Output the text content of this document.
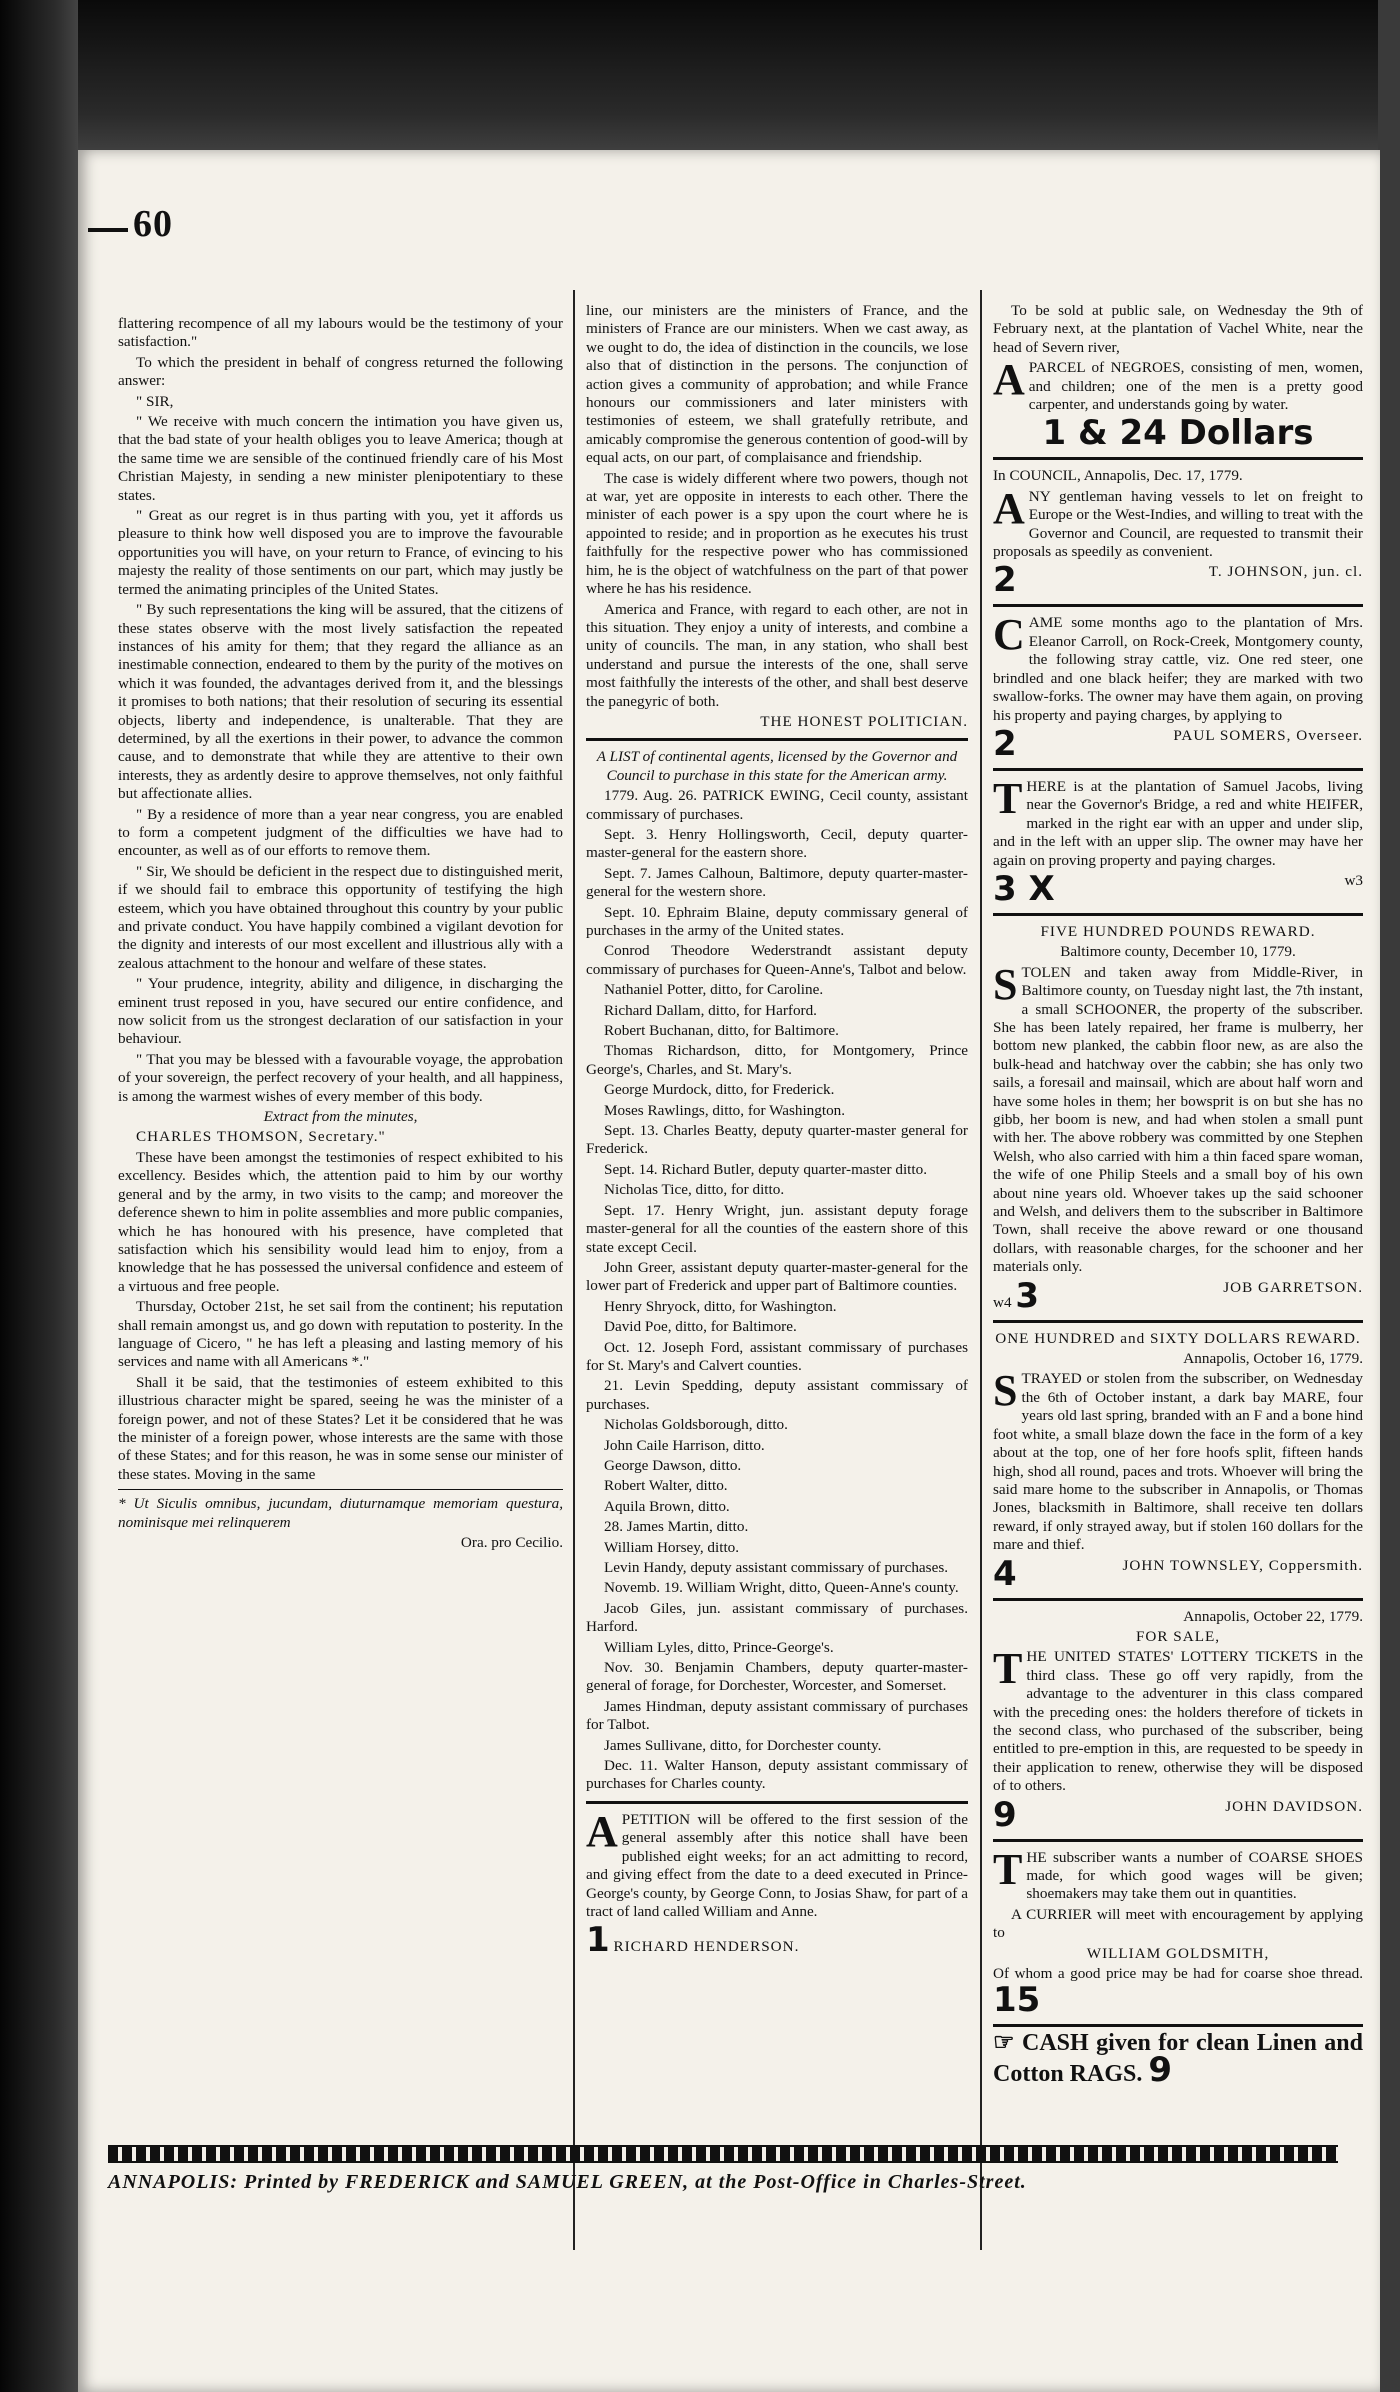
60

flattering recompence of all my labours would be the testimony of your satisfaction."

To which the president in behalf of congress returned the following answer:

" SIR,

" We receive with much concern the intimation you have given us, that the bad state of your health obliges you to leave America; though at the same time we are sensible of the continued friendly care of his Most Christian Majesty, in sending a new minister plenipotentiary to these states.

" Great as our regret is in thus parting with you, yet it affords us pleasure to think how well disposed you are to improve the favourable opportunities you will have, on your return to France, of evincing to his majesty the reality of those sentiments on our part, which may justly be termed the animating principles of the United States.

" By such representations the king will be assured, that the citizens of these states observe with the most lively satisfaction the repeated instances of his amity for them; that they regard the alliance as an inestimable connection, endeared to them by the purity of the motives on which it was founded, the advantages derived from it, and the blessings it promises to both nations; that their resolution of securing its essential objects, liberty and independence, is unalterable. That they are determined, by all the exertions in their power, to advance the common cause, and to demonstrate that while they are attentive to their own interests, they as ardently desire to approve themselves, not only faithful but affectionate allies.

" By a residence of more than a year near congress, you are enabled to form a competent judgment of the difficulties we have had to encounter, as well as of our efforts to remove them.

" Sir, We should be deficient in the respect due to distinguished merit, if we should fail to embrace this opportunity of testifying the high esteem, which you have obtained throughout this country by your public and private conduct. You have happily combined a vigilant devotion for the dignity and interests of our most excellent and illustrious ally with a zealous attachment to the honour and welfare of these states.

" Your prudence, integrity, ability and diligence, in discharging the eminent trust reposed in you, have secured our entire confidence, and now solicit from us the strongest declaration of our satisfaction in your behaviour.

" That you may be blessed with a favourable voyage, the approbation of your sovereign, the perfect recovery of your health, and all happiness, is among the warmest wishes of every member of this body.

Extract from the minutes,

CHARLES THOMSON, Secretary."

These have been amongst the testimonies of respect exhibited to his excellency. Besides which, the attention paid to him by our worthy general and by the army, in two visits to the camp; and moreover the deference shewn to him in polite assemblies and more public companies, which he has honoured with his presence, have completed that satisfaction which his sensibility would lead him to enjoy, from a knowledge that he has possessed the universal confidence and esteem of a virtuous and free people.

Thursday, October 21st, he set sail from the continent; his reputation shall remain amongst us, and go down with reputation to posterity. In the language of Cicero, " he has left a pleasing and lasting memory of his services and name with all Americans *."

Shall it be said, that the testimonies of esteem exhibited to this illustrious character might be spared, seeing he was the minister of a foreign power, and not of these States? Let it be considered that he was the minister of a foreign power, whose interests are the same with those of these States; and for this reason, he was in some sense our minister of these states. Moving in the same

* Ut Siculis omnibus, jucundam, diuturnamque memoriam questura, nominisque mei relinquerem

Ora. pro Cecilio.

line, our ministers are the ministers of France, and the ministers of France are our ministers. When we cast away, as we ought to do, the idea of distinction in the councils, we lose also that of distinction in the persons. The conjunction of action gives a community of approbation; and while France honours our commissioners and later ministers with testimonies of esteem, we shall gratefully retribute, and amicably compromise the generous contention of good-will by equal acts, on our part, of complaisance and friendship.

The case is widely different where two powers, though not at war, yet are opposite in interests to each other. There the minister of each power is a spy upon the court where he is appointed to reside; and in proportion as he executes his trust faithfully for the respective power who has commissioned him, he is the object of watchfulness on the part of that power where he has his residence.

America and France, with regard to each other, are not in this situation. They enjoy a unity of interests, and combine a unity of councils. The man, in any station, who shall best understand and pursue the interests of the one, shall serve most faithfully the interests of the other, and shall best deserve the panegyric of both.

THE HONEST POLITICIAN.

A LIST of continental agents, licensed by the Governor and Council to purchase in this state for the American army.

1779. Aug. 26. PATRICK EWING, Cecil county, assistant commissary of purchases.

Sept. 3. Henry Hollingsworth, Cecil, deputy quarter-master-general for the eastern shore.

Sept. 7. James Calhoun, Baltimore, deputy quarter-master-general for the western shore.

Sept. 10. Ephraim Blaine, deputy commissary general of purchases in the army of the United states.

Conrod Theodore Wederstrandt assistant deputy commissary of purchases for Queen-Anne's, Talbot and below.

Nathaniel Potter, ditto, for Caroline.

Richard Dallam, ditto, for Harford.

Robert Buchanan, ditto, for Baltimore.

Thomas Richardson, ditto, for Montgomery, Prince George's, Charles, and St. Mary's.

George Murdock, ditto, for Frederick.

Moses Rawlings, ditto, for Washington.

Sept. 13. Charles Beatty, deputy quarter-master general for Frederick.

Sept. 14. Richard Butler, deputy quarter-master ditto.

Nicholas Tice, ditto, for ditto.

Sept. 17. Henry Wright, jun. assistant deputy forage master-general for all the counties of the eastern shore of this state except Cecil.

John Greer, assistant deputy quarter-master-general for the lower part of Frederick and upper part of Baltimore counties.

Henry Shryock, ditto, for Washington.

David Poe, ditto, for Baltimore.

Oct. 12. Joseph Ford, assistant commissary of purchases for St. Mary's and Calvert counties.

21. Levin Spedding, deputy assistant commissary of purchases.

Nicholas Goldsborough, ditto.

John Caile Harrison, ditto.

George Dawson, ditto.

Robert Walter, ditto.

Aquila Brown, ditto.

28. James Martin, ditto.

William Horsey, ditto.

Levin Handy, deputy assistant commissary of purchases.

Novemb. 19. William Wright, ditto, Queen-Anne's county.

Jacob Giles, jun. assistant commissary of purchases. Harford.

William Lyles, ditto, Prince-George's.

Nov. 30. Benjamin Chambers, deputy quarter-master-general of forage, for Dorchester, Worcester, and Somerset.

James Hindman, deputy assistant commissary of purchases for Talbot.

James Sullivane, ditto, for Dorchester county.

Dec. 11. Walter Hanson, deputy assistant commissary of purchases for Charles county.

APETITION will be offered to the first session of the general assembly after this notice shall have been published eight weeks; for an act admitting to record, and giving effect from the date to a deed executed in Prince-George's county, by George Conn, to Josias Shaw, for part of a tract of land called William and Anne.

1 RICHARD HENDERSON.

To be sold at public sale, on Wednesday the 9th of February next, at the plantation of Vachel White, near the head of Severn river,

APARCEL of NEGROES, consisting of men, women, and children; one of the men is a pretty good carpenter, and understands going by water.

1 & 24 Dollars

In COUNCIL, Annapolis, Dec. 17, 1779.

ANY gentleman having vessels to let on freight to Europe or the West-Indies, and willing to treat with the Governor and Council, are requested to transmit their proposals as speedily as convenient.

2	T. JOHNSON, jun. cl.

CAME some months ago to the plantation of Mrs. Eleanor Carroll, on Rock-Creek, Montgomery county, the following stray cattle, viz. One red steer, one brindled and one black heifer; they are marked with two swallow-forks. The owner may have them again, on proving his property and paying charges, by applying to

2	PAUL SOMERS, Overseer.

THERE is at the plantation of Samuel Jacobs, living near the Governor's Bridge, a red and white HEIFER, marked in the right ear with an upper and under slip, and in the left with an upper slip. The owner may have her again on proving property and paying charges.

3 X	w3

FIVE HUNDRED POUNDS REWARD.

Baltimore county, December 10, 1779.

STOLEN and taken away from Middle-River, in Baltimore county, on Tuesday night last, the 7th instant, a small SCHOONER, the property of the subscriber. She has been lately repaired, her frame is mulberry, her bottom new planked, the cabbin floor new, as are also the bulk-head and hatchway over the cabbin; she has only two sails, a foresail and mainsail, which are about half worn and have some holes in them; her bowsprit is on but she has no gibb, her boom is new, and had when stolen a small punt with her. The above robbery was committed by one Stephen Welsh, who also carried with him a thin faced spare woman, the wife of one Philip Steels and a small boy of his own about nine years old. Whoever takes up the said schooner and Welsh, and delivers them to the subscriber in Baltimore Town, shall receive the above reward or one thousand dollars, with reasonable charges, for the schooner and her materials only.

w4 3	JOB GARRETSON.

ONE HUNDRED and SIXTY DOLLARS REWARD.

Annapolis, October 16, 1779.

STRAYED or stolen from the subscriber, on Wednesday the 6th of October instant, a dark bay MARE, four years old last spring, branded with an F and a bone hind foot white, a small blaze down the face in the form of a key about at the top, one of her fore hoofs split, fifteen hands high, shod all round, paces and trots. Whoever will bring the said mare home to the subscriber in Annapolis, or Thomas Jones, blacksmith in Baltimore, shall receive ten dollars reward, if only strayed away, but if stolen 160 dollars for the mare and thief.

4	JOHN TOWNSLEY, Coppersmith.

Annapolis, October 22, 1779.

FOR SALE,

THE UNITED STATES' LOTTERY TICKETS in the third class. These go off very rapidly, from the advantage to the adventurer in this class compared with the preceding ones: the holders therefore of tickets in the second class, who purchased of the subscriber, being entitled to pre-emption in this, are requested to be speedy in their application to renew, otherwise they will be disposed of to others.

9	JOHN DAVIDSON.

THE subscriber wants a number of COARSE SHOES made, for which good wages will be given; shoemakers may take them out in quantities.

A CURRIER will meet with encouragement by applying to

WILLIAM GOLDSMITH,

Of whom a good price may be had for coarse shoe thread. 15

☞ CASH given for clean Linen and Cotton RAGS. 9

ANNAPOLIS: Printed by FREDERICK and SAMUEL GREEN, at the Post-Office in Charles-Street.
